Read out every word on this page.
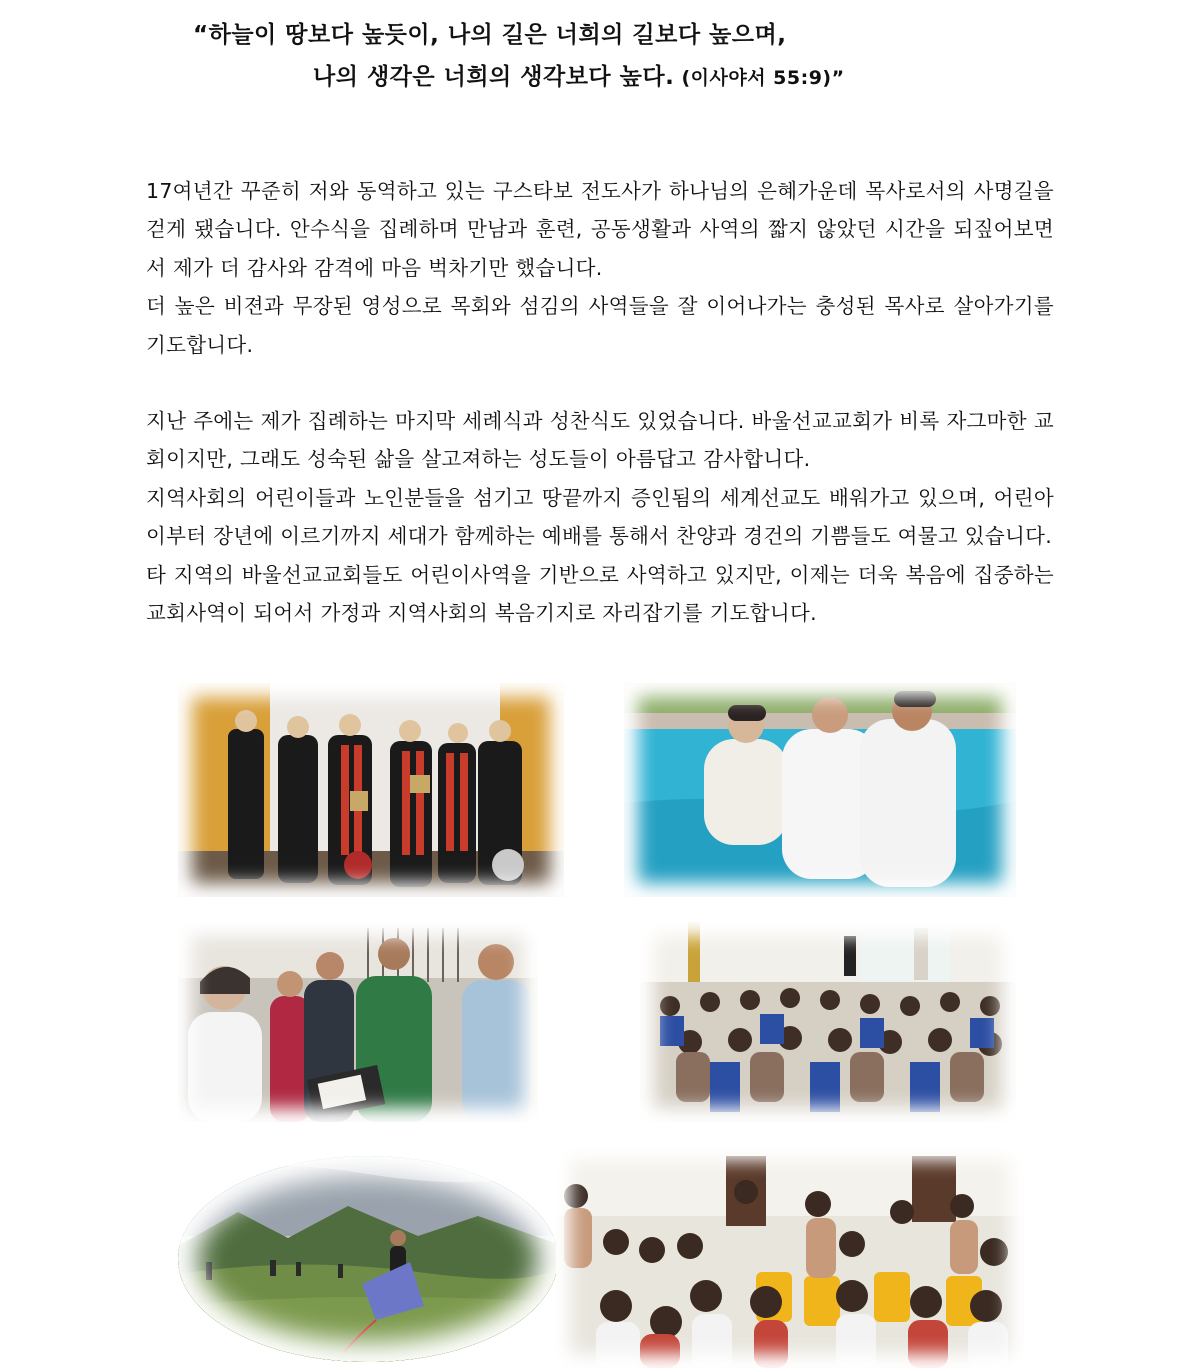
“하늘이 땅보다 높듯이, 나의 길은 너희의 길보다 높으며,
나의 생각은 너희의 생각보다 높다. (이사야서 55:9)”

17여년간 꾸준히 저와 동역하고 있는 구스타보 전도사가 하나님의 은혜가운데 목사로서의 사명길을 걷게 됐습니다. 안수식을 집례하며 만남과 훈련, 공동생활과 사역의 짧지 않았던 시간을 되짚어보면서 제가 더 감사와 감격에 마음 벅차기만 했습니다.

더 높은 비젼과 무장된 영성으로 목회와 섬김의 사역들을 잘 이어나가는 충성된 목사로 살아가기를 기도합니다.

지난 주에는 제가 집례하는 마지막 세례식과 성찬식도 있었습니다. 바울선교교회가 비록 자그마한 교회이지만, 그래도 성숙된 삶을 살고져하는 성도들이 아름답고 감사합니다.

지역사회의 어린이들과 노인분들을 섬기고 땅끝까지 증인됨의 세계선교도 배워가고 있으며, 어린아이부터 장년에 이르기까지 세대가 함께하는 예배를 통해서 찬양과 경건의 기쁨들도 여물고 있습니다.

타 지역의 바울선교교회들도 어린이사역을 기반으로 사역하고 있지만, 이제는 더욱 복음에 집중하는 교회사역이 되어서 가정과 지역사회의 복음기지로 자리잡기를 기도합니다.
